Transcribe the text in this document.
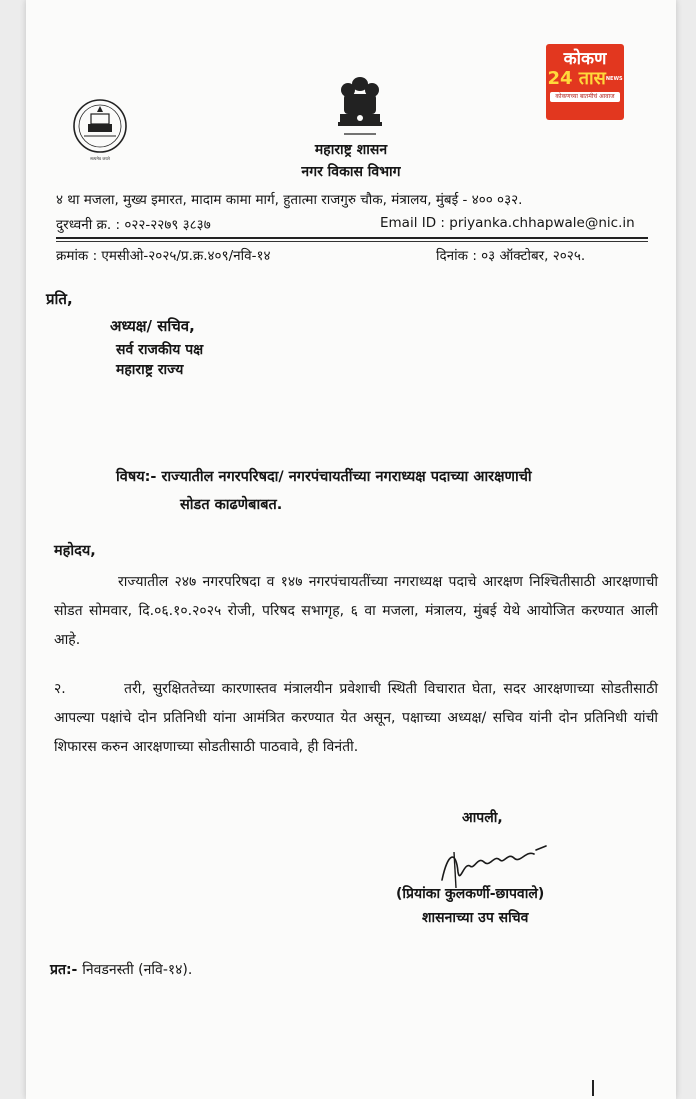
सत्यमेव जयते
कोकण
24 तास$^{NEWS}$
कोकणच्या बातमीचं आवाज
महाराष्ट्र शासन
नगर विकास विभाग
४ था मजला, मुख्य इमारत, मादाम कामा मार्ग, हुतात्मा राजगुरु चौक, मंत्रालय, मुंबई - ४०० ०३२.
दुरध्वनी क्र. : ०२२-२२७९ ३८३७	Email ID : priyanka.chhapwale@nic.in
क्रमांक : एमसीओ-२०२५/प्र.क्र.४०९/नवि-१४	दिनांक : ०३ ऑक्टोबर, २०२५.
प्रति,
अध्यक्ष/ सचिव,
सर्व राजकीय पक्ष
महाराष्ट्र राज्य
विषय:- राज्यातील नगरपरिषदा/ नगरपंचायतींच्या नगराध्यक्ष पदाच्या आरक्षणाची
सोडत काढणेबाबत.
महोदय,
राज्यातील २४७ नगरपरिषदा व १४७ नगरपंचायतींच्या नगराध्यक्ष पदाचे आरक्षण निश्चितीसाठी आरक्षणाची सोडत सोमवार, दि.०६.१०.२०२५ रोजी, परिषद सभागृह, ६ वा मजला, मंत्रालय, मुंबई येथे आयोजित करण्यात आली आहे.
२.	तरी, सुरक्षिततेच्या कारणास्तव मंत्रालयीन प्रवेशाची स्थिती विचारात घेता, सदर आरक्षणाच्या सोडतीसाठी आपल्या पक्षांचे दोन प्रतिनिधी यांना आमंत्रित करण्यात येत असून, पक्षाच्या अध्यक्ष/ सचिव यांनी दोन प्रतिनिधी यांची शिफारस करुन आरक्षणाच्या सोडतीसाठी पाठवावे, ही विनंती.
आपली,
(प्रियांका कुलकर्णी-छापवाले)
शासनाच्या उप सचिव
प्रत:- निवडनस्ती (नवि-१४).
